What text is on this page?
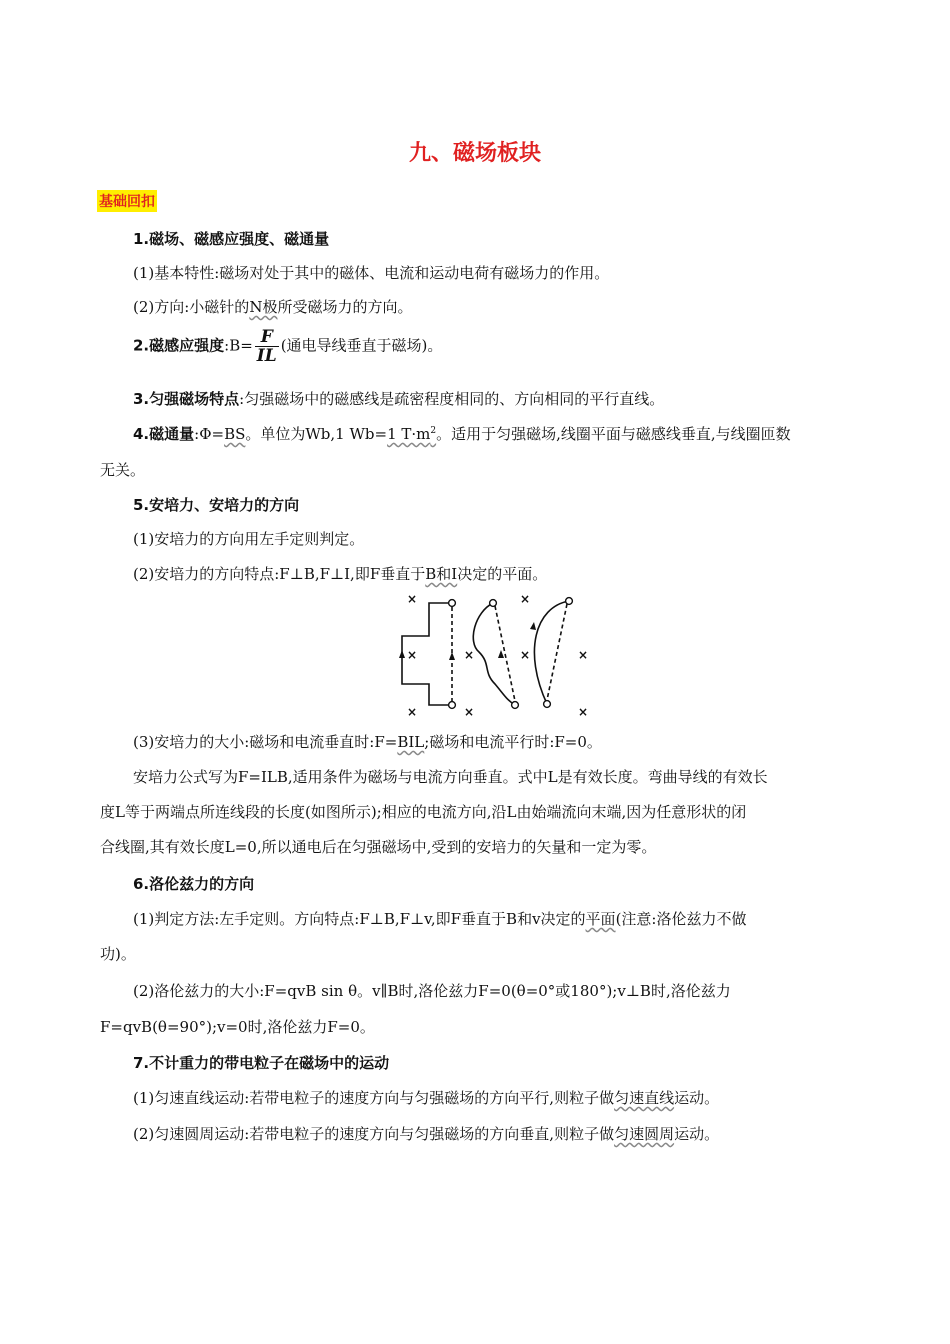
九、磁场板块
基础回扣
1.磁场、磁感应强度、磁通量
(1)基本特性:磁场对处于其中的磁体、电流和运动电荷有磁场力的作用。
(2)方向:小磁针的N极所受磁场力的方向。
2.磁感应强度:B= $\frac{F}{IL}$ (通电导线垂直于磁场)。
3.匀强磁场特点:匀强磁场中的磁感线是疏密程度相同的、方向相同的平行直线。
4.磁通量:Φ=BS。单位为Wb,1 Wb=1 $T\cdot m^2$。适用于匀强磁场,线圈平面与磁感线垂直,与线圈匝数
无关。
5.安培力、安培力的方向
(1)安培力的方向用左手定则判定。
(2)安培力的方向特点:F⊥B,F⊥I,即F垂直于B和I决定的平面。
×
×
×
×
×
×
×	×
×
(3)安培力的大小:磁场和电流垂直时:F=BIL;磁场和电流平行时:F=0。
安培力公式写为F=ILB,适用条件为磁场与电流方向垂直。式中L是有效长度。弯曲导线的有效长
度L等于两端点所连线段的长度(如图所示);相应的电流方向,沿L由始端流向末端,因为任意形状的闭
合线圈,其有效长度L=0,所以通电后在匀强磁场中,受到的安培力的矢量和一定为零。
6.洛伦兹力的方向
(1)判定方法:左手定则。方向特点:F⊥B,F⊥v,即F垂直于B和v决定的平面(注意:洛伦兹力不做
功)。
(2)洛伦兹力的大小:F=qvB sin θ。v∥B时,洛伦兹力F=0(θ=0°或180°);v⊥B时,洛伦兹力
F=qvB(θ=90°);v=0时,洛伦兹力F=0。
7.不计重力的带电粒子在磁场中的运动
(1)匀速直线运动:若带电粒子的速度方向与匀强磁场的方向平行,则粒子做匀速直线运动。
(2)匀速圆周运动:若带电粒子的速度方向与匀强磁场的方向垂直,则粒子做匀速圆周运动。
